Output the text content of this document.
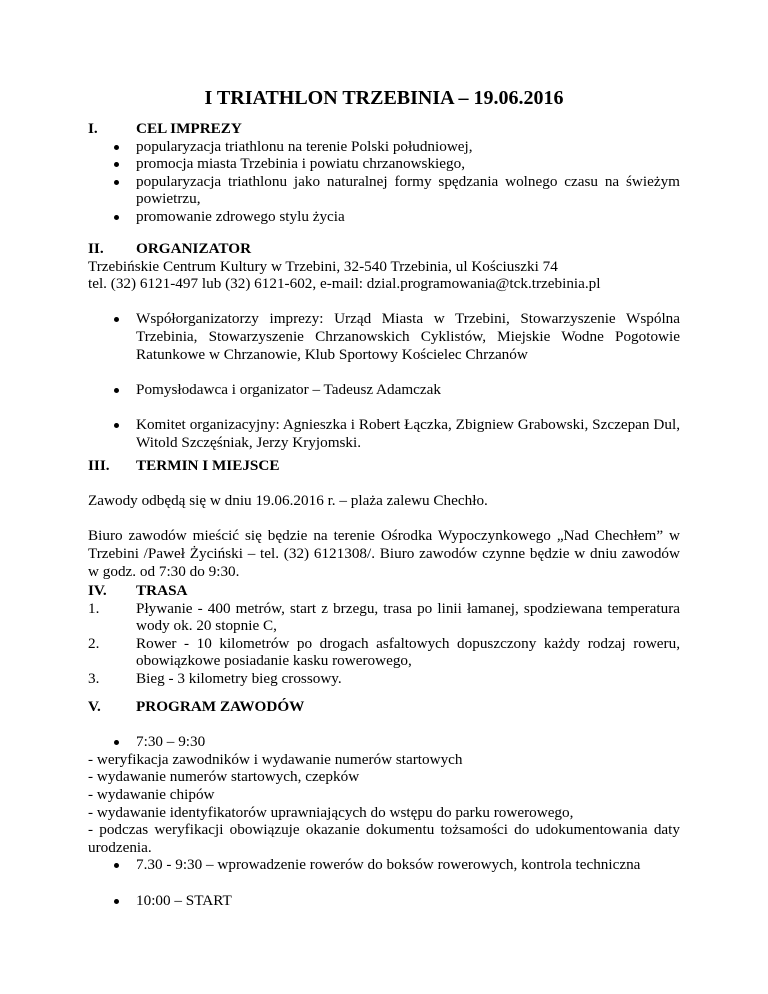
I TRIATHLON TRZEBINIA – 19.06.2016
I.	CEL IMPREZY
popularyzacja triathlonu na terenie Polski południowej,
promocja miasta Trzebinia i powiatu chrzanowskiego,
popularyzacja triathlonu jako naturalnej formy spędzania wolnego czasu na świeżym powietrzu,
promowanie zdrowego stylu życia
II. ORGANIZATOR

Trzebińskie Centrum Kultury w Trzebini, 32-540 Trzebinia, ul Kościuszki 74

tel. (32) 6121-497 lub (32) 6121-602, e-mail: dzial.programowania@tck.trzebinia.pl

Współorganizatorzy imprezy: Urząd Miasta w Trzebini, Stowarzyszenie Wspólna Trzebinia, Stowarzyszenie Chrzanowskich Cyklistów, Miejskie Wodne Pogotowie Ratunkowe w Chrzanowie, Klub Sportowy Kościelec Chrzanów
Pomysłodawca i organizator – Tadeusz Adamczak
Komitet organizacyjny: Agnieszka i Robert Łączka, Zbigniew Grabowski, Szczepan Dul, Witold Szczęśniak, Jerzy Kryjomski.
III. TERMIN I MIEJSCE

Zawody odbędą się w dniu 19.06.2016 r. – plaża zalewu Chechło.

Biuro zawodów mieścić się będzie na terenie Ośrodka Wypoczynkowego „Nad Chechłem” w Trzebini /Paweł Życiński – tel. (32) 6121308/. Biuro zawodów czynne będzie w dniu zawodów w godz. od 7:30 do 9:30.

IV. TRASA
1. Pływanie - 400 metrów, start z brzegu, trasa po linii łamanej, spodziewana temperatura wody ok. 20 stopnie C,
2. Rower - 10 kilometrów po drogach asfaltowych dopuszczony każdy rodzaj roweru, obowiązkowe posiadanie kasku rowerowego,
3. Bieg - 3 kilometry bieg crossowy.
V. PROGRAM ZAWODÓW
7:30 – 9:30

- weryfikacja zawodników i wydawanie numerów startowych

- wydawanie numerów startowych, czepków

- wydawanie chipów

- wydawanie identyfikatorów uprawniających do wstępu do parku rowerowego,

- podczas weryfikacji obowiązuje okazanie dokumentu tożsamości do udokumentowania daty urodzenia.

7.30 - 9:30 – wprowadzenie rowerów do boksów rowerowych, kontrola techniczna
10:00 – START
